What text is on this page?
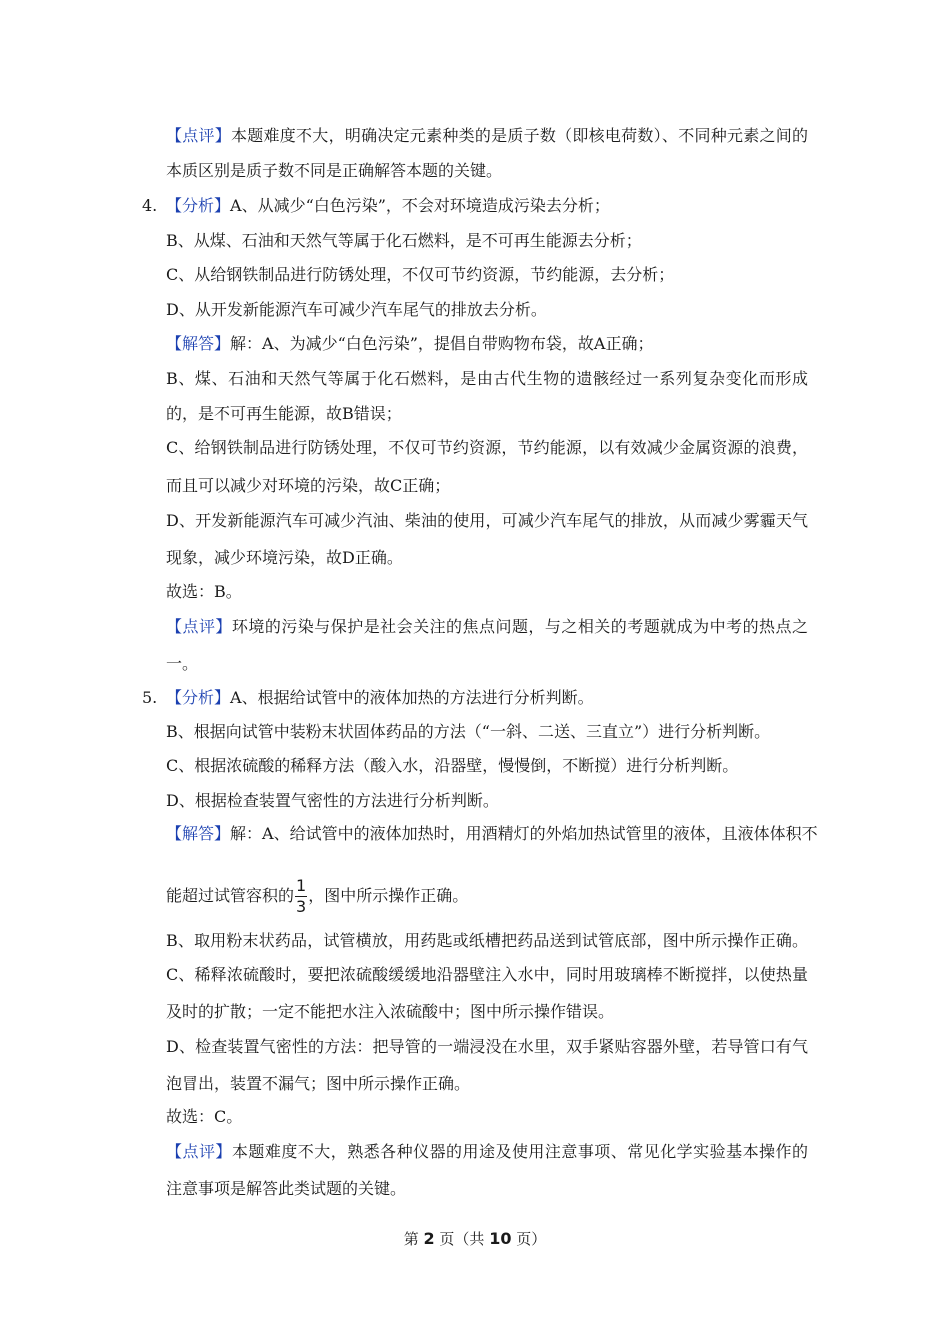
【点评】本题难度不大，明确决定元素种类的是质子数（即核电荷数）、不同种元素之间的
本质区别是质子数不同是正确解答本题的关键。
4. 【分析】A、从减少“白色污染”，不会对环境造成污染去分析；
B、从煤、石油和天然气等属于化石燃料，是不可再生能源去分析；
C、从给钢铁制品进行防锈处理，不仅可节约资源，节约能源，去分析；
D、从开发新能源汽车可减少汽车尾气的排放去分析。
【解答】解：A、为减少“白色污染”，提倡自带购物布袋，故A正确；
B、煤、石油和天然气等属于化石燃料，是由古代生物的遗骸经过一系列复杂变化而形成
的，是不可再生能源，故B错误；
C、给钢铁制品进行防锈处理，不仅可节约资源，节约能源，以有效减少金属资源的浪费，
而且可以减少对环境的污染，故C正确；
D、开发新能源汽车可减少汽油、柴油的使用，可减少汽车尾气的排放，从而减少雾霾天气
现象，减少环境污染，故D正确。
故选：B。
【点评】环境的污染与保护是社会关注的焦点问题，与之相关的考题就成为中考的热点之
一。
5. 【分析】A、根据给试管中的液体加热的方法进行分析判断。
B、根据向试管中装粉末状固体药品的方法（“一斜、二送、三直立”）进行分析判断。
C、根据浓硫酸的稀释方法（酸入水，沿器壁，慢慢倒，不断搅）进行分析判断。
D、根据检查装置气密性的方法进行分析判断。
【解答】解：A、给试管中的液体加热时，用酒精灯的外焰加热试管里的液体，且液体体积不
能超过试管容积的 $\frac{1}{3}$ ，图中所示操作正确。
B、取用粉末状药品，试管横放，用药匙或纸槽把药品送到试管底部，图中所示操作正确。
C、稀释浓硫酸时，要把浓硫酸缓缓地沿器壁注入水中，同时用玻璃棒不断搅拌，以使热量
及时的扩散；一定不能把水注入浓硫酸中；图中所示操作错误。
D、检查装置气密性的方法：把导管的一端浸没在水里，双手紧贴容器外壁，若导管口有气
泡冒出，装置不漏气；图中所示操作正确。
故选：C。
【点评】本题难度不大，熟悉各种仪器的用途及使用注意事项、常见化学实验基本操作的
注意事项是解答此类试题的关键。
第 2 页（共 10 页）
